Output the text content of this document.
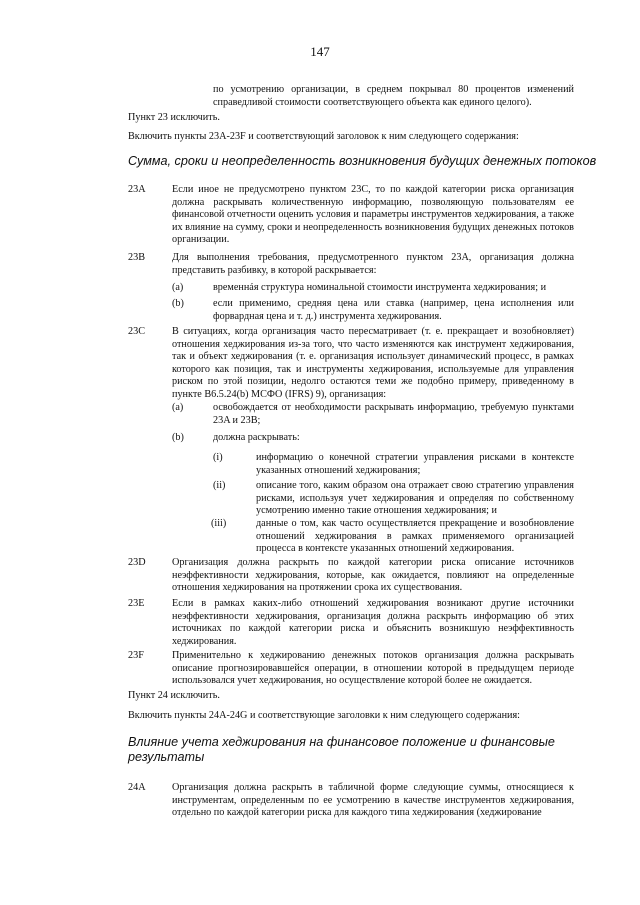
147
по усмотрению организации, в среднем покрывал 80 процентов изменений справедливой стоимости соответствующего объекта как единого целого).
Пункт 23 исключить.
Включить пункты 23A-23F и соответствующий заголовок к ним следующего содержания:
Сумма, сроки и неопределенность возникновения будущих денежных потоков
23A	Если иное не предусмотрено пунктом 23C, то по каждой категории риска организация должна раскрывать количественную информацию, позволяющую пользователям ее финансовой отчетности оценить условия и параметры инструментов хеджирования, а также их влияние на сумму, сроки и неопределенность возникновения будущих денежных потоков организации.
23B	Для выполнения требования, предусмотренного пунктом 23A, организация должна представить разбивку, в которой раскрывается:
(a)	временнáя структура номинальной стоимости инструмента хеджирования; и
(b)	если применимо, средняя цена или ставка (например, цена исполнения или форвардная цена и т. д.) инструмента хеджирования.
23C	В ситуациях, когда организация часто пересматривает (т. е. прекращает и возобновляет) отношения хеджирования из-за того, что часто изменяются как инструмент хеджирования, так и объект хеджирования (т. е. организация использует динамический процесс, в рамках которого как позиция, так и инструменты хеджирования, используемые для управления риском по этой позиции, недолго остаются теми же подобно примеру, приведенному в пункте B6.5.24(b) МСФО (IFRS) 9), организация:
(a)	освобождается от необходимости раскрывать информацию, требуемую пунктами 23A и 23B;
(b)	должна раскрывать:
(i)	информацию о конечной стратегии управления рисками в контексте указанных отношений хеджирования;
(ii)	описание того, каким образом она отражает свою стратегию управления рисками, используя учет хеджирования и определяя по собственному усмотрению именно такие отношения хеджирования; и
(iii)	данные о том, как часто осуществляется прекращение и возобновление отношений хеджирования в рамках применяемого организацией процесса в контексте указанных отношений хеджирования.
23D	Организация должна раскрыть по каждой категории риска описание источников неэффективности хеджирования, которые, как ожидается, повлияют на определенные отношения хеджирования на протяжении срока их существования.
23E	Если в рамках каких-либо отношений хеджирования возникают другие источники неэффективности хеджирования, организация должна раскрыть информацию об этих источниках по каждой категории риска и объяснить возникшую неэффективность хеджирования.
23F	Применительно к хеджированию денежных потоков организация должна раскрывать описание прогнозировавшейся операции, в отношении которой в предыдущем периоде использовался учет хеджирования, но осуществление которой более не ожидается.
Пункт 24 исключить.
Включить пункты 24A-24G и соответствующие заголовки к ним следующего содержания:
Влияние учета хеджирования на финансовое положение и финансовые результаты
24A	Организация должна раскрыть в табличной форме следующие суммы, относящиеся к инструментам, определенным по ее усмотрению в качестве инструментов хеджирования, отдельно по каждой категории риска для каждого типа хеджирования (хеджирование
